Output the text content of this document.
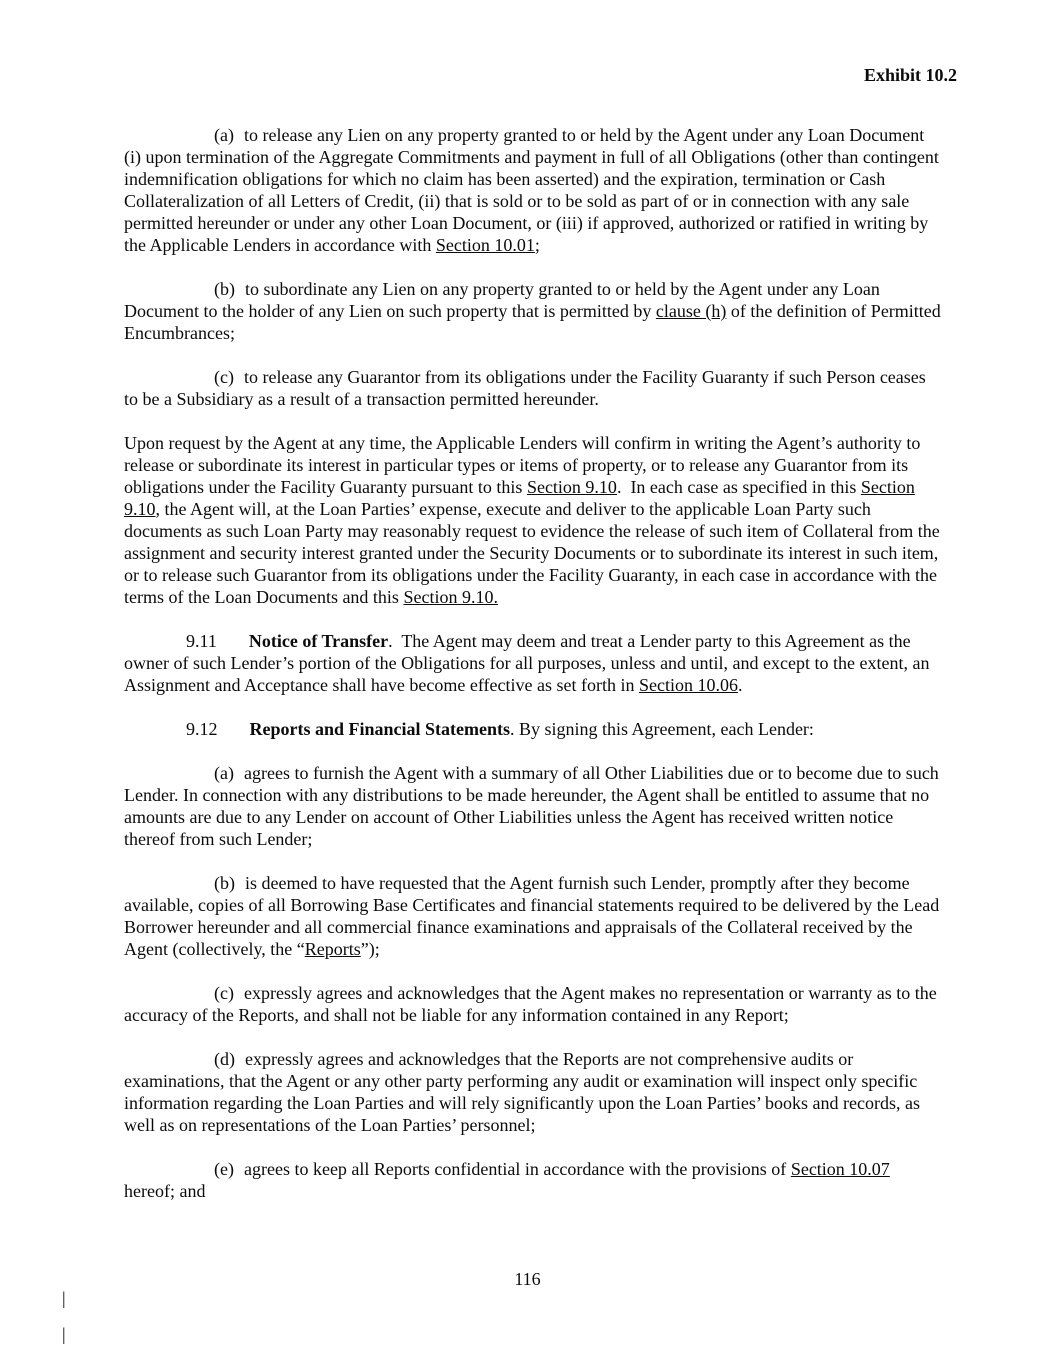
Exhibit 10.2

(a) to release any Lien on any property granted to or held by the Agent under any Loan Document (i) upon termination of the Aggregate Commitments and payment in full of all Obligations (other than contingent indemnification obligations for which no claim has been asserted) and the expiration, termination or Cash Collateralization of all Letters of Credit, (ii) that is sold or to be sold as part of or in connection with any sale permitted hereunder or under any other Loan Document, or (iii) if approved, authorized or ratified in writing by the Applicable Lenders in accordance with Section 10.01;

(b) to subordinate any Lien on any property granted to or held by the Agent under any Loan Document to the holder of any Lien on such property that is permitted by clause (h) of the definition of Permitted Encumbrances;

(c) to release any Guarantor from its obligations under the Facility Guaranty if such Person ceases to be a Subsidiary as a result of a transaction permitted hereunder.

Upon request by the Agent at any time, the Applicable Lenders will confirm in writing the Agent’s authority to release or subordinate its interest in particular types or items of property, or to release any Guarantor from its obligations under the Facility Guaranty pursuant to this Section 9.10.  In each case as specified in this Section 9.10, the Agent will, at the Loan Parties’ expense, execute and deliver to the applicable Loan Party such documents as such Loan Party may reasonably request to evidence the release of such item of Collateral from the assignment and security interest granted under the Security Documents or to subordinate its interest in such item, or to release such Guarantor from its obligations under the Facility Guaranty, in each case in accordance with the terms of the Loan Documents and this Section 9.10.

9.11 Notice of Transfer.  The Agent may deem and treat a Lender party to this Agreement as the owner of such Lender’s portion of the Obligations for all purposes, unless and until, and except to the extent, an Assignment and Acceptance shall have become effective as set forth in Section 10.06.

9.12 Reports and Financial Statements. By signing this Agreement, each Lender:

(a) agrees to furnish the Agent with a summary of all Other Liabilities due or to become due to such Lender. In connection with any distributions to be made hereunder, the Agent shall be entitled to assume that no amounts are due to any Lender on account of Other Liabilities unless the Agent has received written notice thereof from such Lender;

(b) is deemed to have requested that the Agent furnish such Lender, promptly after they become available, copies of all Borrowing Base Certificates and financial statements required to be delivered by the Lead Borrower hereunder and all commercial finance examinations and appraisals of the Collateral received by the Agent (collectively, the “Reports”);

(c) expressly agrees and acknowledges that the Agent makes no representation or warranty as to the accuracy of the Reports, and shall not be liable for any information contained in any Report;

(d) expressly agrees and acknowledges that the Reports are not comprehensive audits or examinations, that the Agent or any other party performing any audit or examination will inspect only specific information regarding the Loan Parties and will rely significantly upon the Loan Parties’ books and records, as well as on representations of the Loan Parties’ personnel;

(e) agrees to keep all Reports confidential in accordance with the provisions of Section 10.07 hereof; and

116
|
|
